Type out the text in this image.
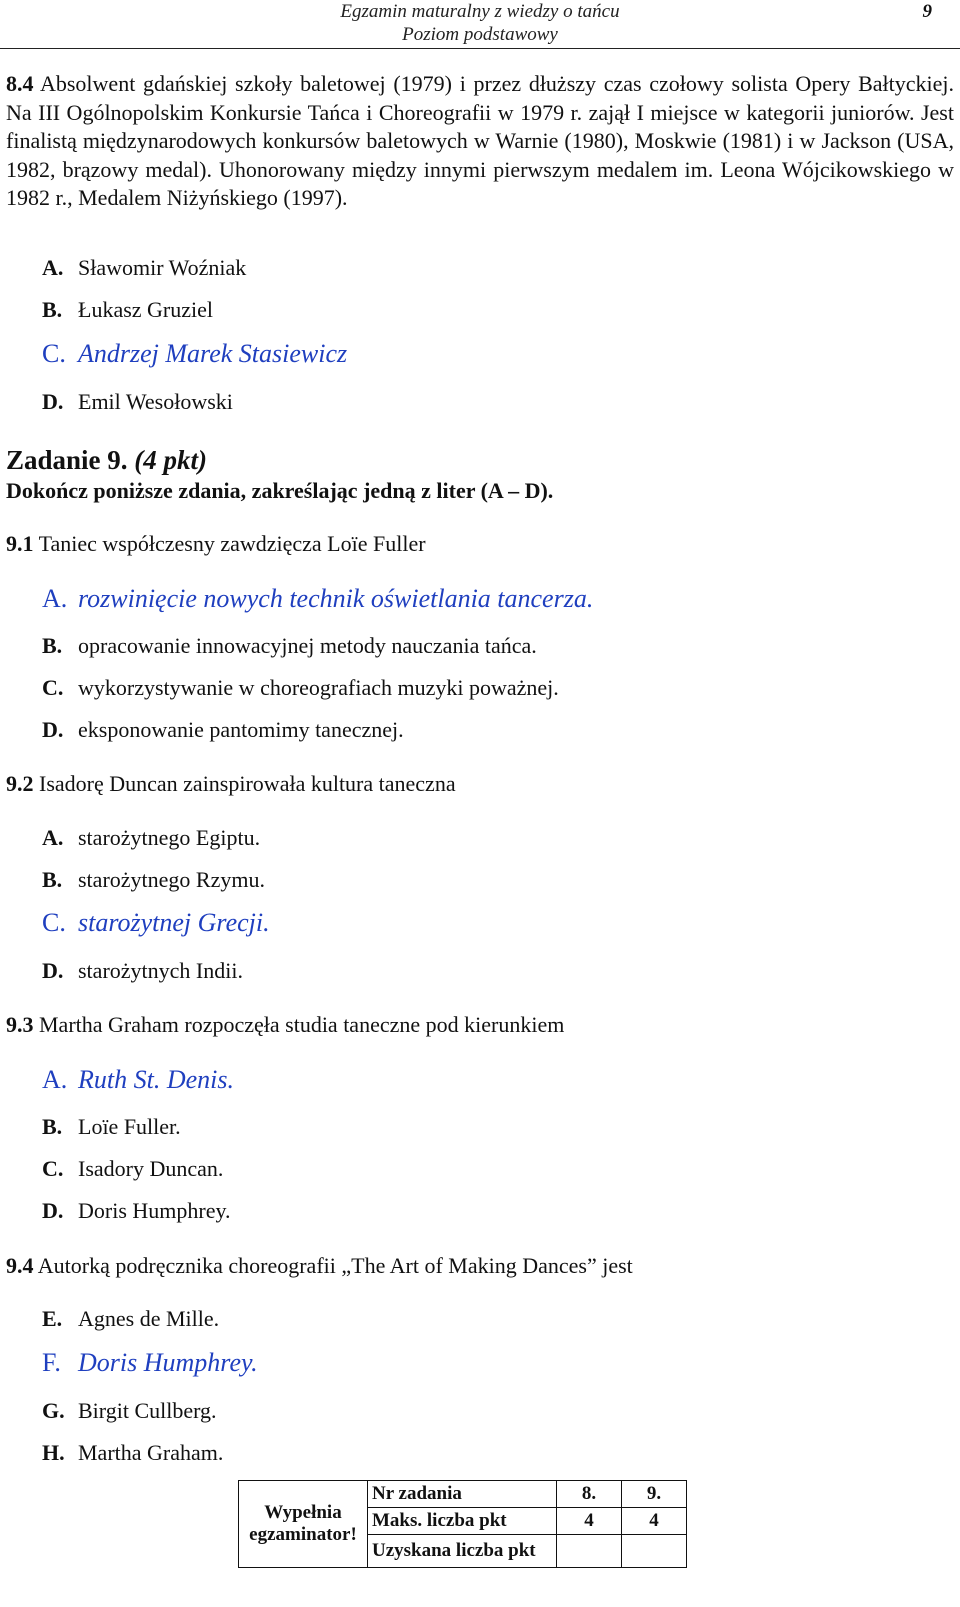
Egzamin maturalny z wiedzy o tańcu
Poziom podstawowy
9

8.4 Absolwent gdańskiej szkoły baletowej (1979) i przez dłuższy czas czołowy solista Opery Bałtyckiej. Na III Ogólnopolskim Konkursie Tańca i Choreografii w 1979 r. zajął I miejsce w kategorii juniorów. Jest finalistą międzynarodowych konkursów baletowych w Warnie (1980), Moskwie (1981) i w Jackson (USA, 1982, brązowy medal). Uhonorowany między innymi pierwszym medalem im. Leona Wójcikowskiego w 1982 r., Medalem Niżyńskiego (1997).

A. Sławomir Woźniak
B. Łukasz Gruziel
C. Andrzej Marek Stasiewicz
D. Emil Wesołowski
Zadanie 9. (4 pkt)
Dokończ poniższe zdania, zakreślając jedną z liter (A – D).
9.1 Taniec współczesny zawdzięcza Loïe Fuller
A. rozwinięcie nowych technik oświetlania tancerza.
B. opracowanie innowacyjnej metody nauczania tańca.
C. wykorzystywanie w choreografiach muzyki poważnej.
D. eksponowanie pantomimy tanecznej.
9.2 Isadorę Duncan zainspirowała kultura taneczna
A. starożytnego Egiptu.
B. starożytnego Rzymu.
C. starożytnej Grecji.
D. starożytnych Indii.
9.3 Martha Graham rozpoczęła studia taneczne pod kierunkiem
A. Ruth St. Denis.
B. Loïe Fuller.
C. Isadory Duncan.
D. Doris Humphrey.
9.4 Autorką podręcznika choreografii „The Art of Making Dances” jest
E. Agnes de Mille.
F. Doris Humphrey.
G. Birgit Cullberg.
H. Martha Graham.
Wypełnia
egzaminator!	Nr zadania	8.	9.
	Maks. liczba pkt	4	4
	Uzyskana liczba pkt		
